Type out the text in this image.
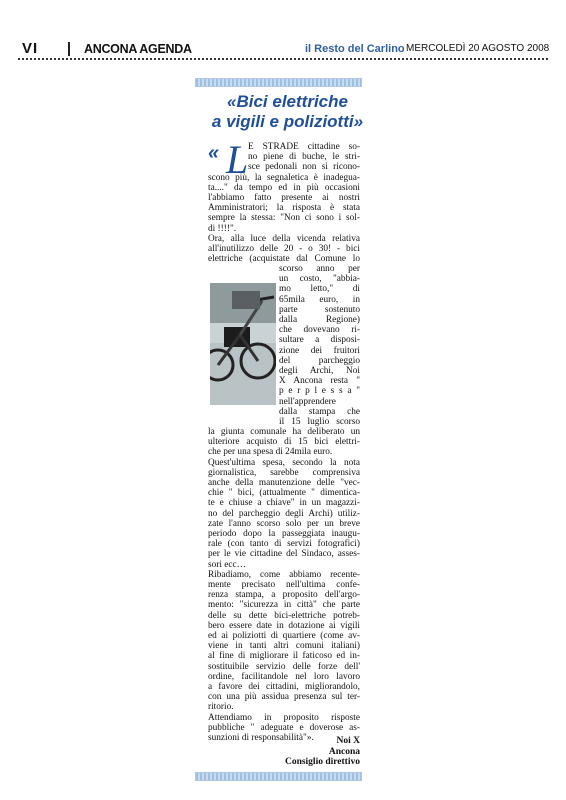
VI	ANCONA AGENDA	il Resto del Carlino MERCOLEDÌ 20 AGOSTO 2008
«Bici elettriche
a vigili e poliziotti»
« L E STRADE cittadine so-
no piene di buche, le stri-
sce pedonali non si ricono-
scono più, la segnaletica è inadegua-
ta...." da tempo ed in più occasioni
l'abbiamo fatto presente ai nostri
Amministratori; la risposta è stata
sempre la stessa: "Non ci sono i sol-
di !!!!".
Ora, alla luce della vicenda relativa
all'inutilizzo delle 20 - o 30! - bici
elettriche (acquistate dal Comune lo
scorso anno per
un costo, "abbia-
mo letto," di
65mila euro, in
parte sostenuto
dalla Regione)
che dovevano ri-
sultare a disposi-
zione dei fruitori
del parcheggio
degli Archi, Noi
X Ancona resta "
p e r p l e s s a "
nell'apprendere
dalla stampa che
il 15 luglio scorso
la giunta comunale ha deliberato un
ulteriore acquisto di 15 bici elettri-
che per una spesa di 24mila euro.
Quest'ultima spesa, secondo la nota
giornalistica, sarebbe comprensiva
anche della manutenzione delle "vec-
chie " bici, (attualmente " dimentica-
te e chiuse a chiave" in un magazzi-
no del parcheggio degli Archi) utiliz-
zate l'anno scorso solo per un breve
periodo dopo la passeggiata inaugu-
rale (con tanto di servizi fotografici)
per le vie cittadine del Sindaco, asses-
sori ecc…
Ribadiamo, come abbiamo recente-
mente precisato nell'ultima confe-
renza stampa, a proposito dell'argo-
mento: "sicurezza in città" che parte
delle su dette bici-elettriche potreb-
bero essere date in dotazione ai vigili
ed ai poliziotti di quartiere (come av-
viene in tanti altri comuni italiani)
al fine di migliorare il faticoso ed in-
sostituibile servizio delle forze dell'
ordine, facilitandole nel loro lavoro
a favore dei cittadini, migliorandolo,
con una più assidua presenza sul ter-
ritorio.
Attendiamo in proposito risposte
pubbliche " adeguate e doverose as-
sunzioni di responsabilità"».	Noi X
Ancona
Consiglio direttivo
